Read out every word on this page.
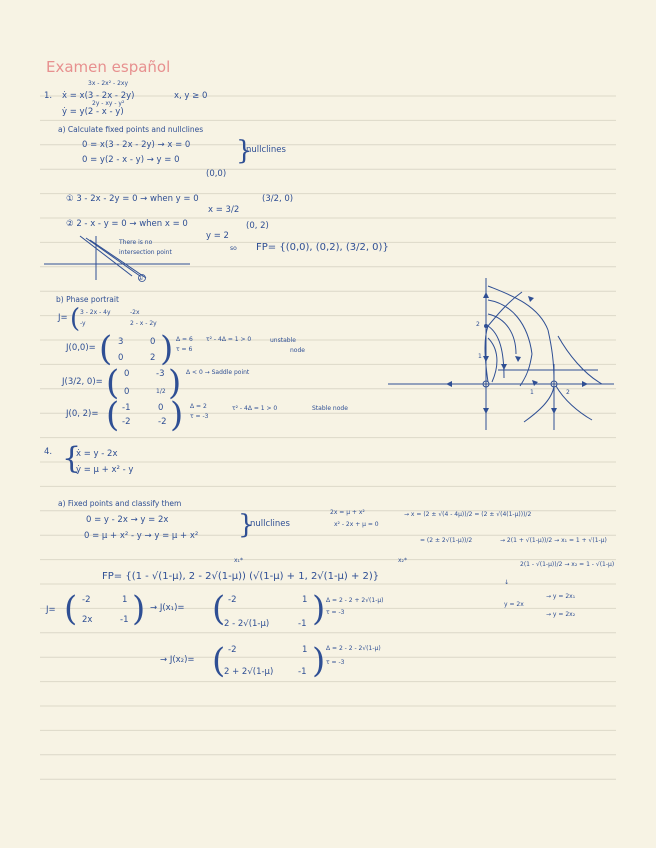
Examen español
3x - 2x² - 2xy
1. ẋ = x(3 - 2x - 2y)	x, y ≥ 0
2y - xy - y²
ẏ = y(2 - x - y)
a) Calculate fixed points and nullclines
0 = x(3 - 2x - 2y) → x = 0
0 = y(2 - x - y) → y = 0 }
nullclines
(0,0)
① 3 - 2x - 2y = 0 → when y = 0	(3/2, 0)
x = 3/2
② 2 - x - y = 0 → when x = 0	(0, 2)
y = 2
There is no
intersection point
so FP= {(0,0), (0,2), (3/2, 0)}
①
b) Phase portrait
J= ( 3 - 2x - 4y	-2x
-y	2 - x - 2y
J(0,0)= ( 3	0
0	2 ) Δ = 6
τ = 6
τ² - 4Δ = 1 > 0	unstable
node
J(3/2, 0)= ( 0	-3
0	1/2 ) Δ < 0 → Saddle point
J(0, 2)= ( -1	0
-2	-2 ) Δ = 2
τ = -3
τ² - 4Δ = 1 > 0	Stable node
2
1
1	2
4. {
ẋ = y - 2x
ẏ = μ + x² - y
a) Fixed points and classify them
0 = y - 2x → y = 2x
0 = μ + x² - y → y = μ + x² }
nullclines
2x = μ + x²
x² - 2x + μ = 0
→ x = (2 ± √(4 - 4μ))/2 = (2 ± √(4(1-μ)))/2
= (2 ± 2√(1-μ))/2	→ 2(1 + √(1-μ))/2 → x₁ = 1 + √(1-μ)
2(1 - √(1-μ))/2 → x₂ = 1 - √(1-μ)
x₁*	x₂*
FP= {(1 - √(1-μ), 2 - 2√(1-μ)) (√(1-μ) + 1, 2√(1-μ) + 2)}
↓
y = 2x
→ y = 2x₁
→ y = 2x₂
J= ( -2	1
2x	-1 ) → J(x₁)= ( -2	1
2 - 2√(1-μ)	-1 ) Δ = 2 - 2 + 2√(1-μ)
τ = -3
→ J(x₂)= ( -2	1
2 + 2√(1-μ)	-1 ) Δ = 2 - 2 - 2√(1-μ)
τ = -3
